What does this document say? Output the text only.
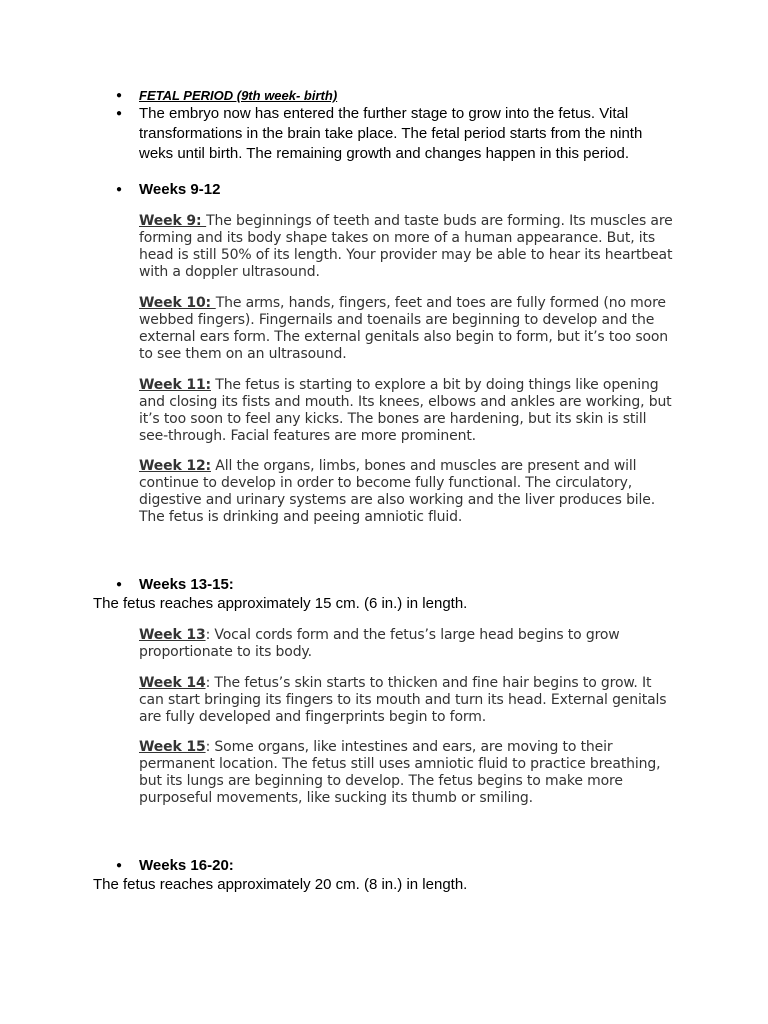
●	FETAL PERIOD (9th week- birth)
●	The embryo now has entered the further stage to grow into the fetus. Vital transformations in the brain take place. The fetal period starts from the ninth weks until birth. The remaining growth and changes happen in this period.
●	Weeks 9-12
Week 9: The beginnings of teeth and taste buds are forming. Its muscles are forming and its body shape takes on more of a human appearance. But, its head is still 50% of its length. Your provider may be able to hear its heartbeat with a doppler ultrasound.
Week 10: The arms, hands, fingers, feet and toes are fully formed (no more webbed fingers). Fingernails and toenails are beginning to develop and the external ears form. The external genitals also begin to form, but it’s too soon to see them on an ultrasound.
Week 11: The fetus is starting to explore a bit by doing things like opening and closing its fists and mouth. Its knees, elbows and ankles are working, but it’s too soon to feel any kicks. The bones are hardening, but its skin is still see-through. Facial features are more prominent.
Week 12: All the organs, limbs, bones and muscles are present and will continue to develop in order to become fully functional. The circulatory, digestive and urinary systems are also working and the liver produces bile. The fetus is drinking and peeing amniotic fluid.
●	Weeks 13-15:
The fetus reaches approximately 15 cm. (6 in.) in length.
Week 13: Vocal cords form and the fetus’s large head begins to grow proportionate to its body.
Week 14: The fetus’s skin starts to thicken and fine hair begins to grow. It can start bringing its fingers to its mouth and turn its head. External genitals are fully developed and fingerprints begin to form.
Week 15: Some organs, like intestines and ears, are moving to their permanent location. The fetus still uses amniotic fluid to practice breathing, but its lungs are beginning to develop. The fetus begins to make more purposeful movements, like sucking its thumb or smiling.
●	Weeks 16-20:
The fetus reaches approximately 20 cm. (8 in.) in length.
